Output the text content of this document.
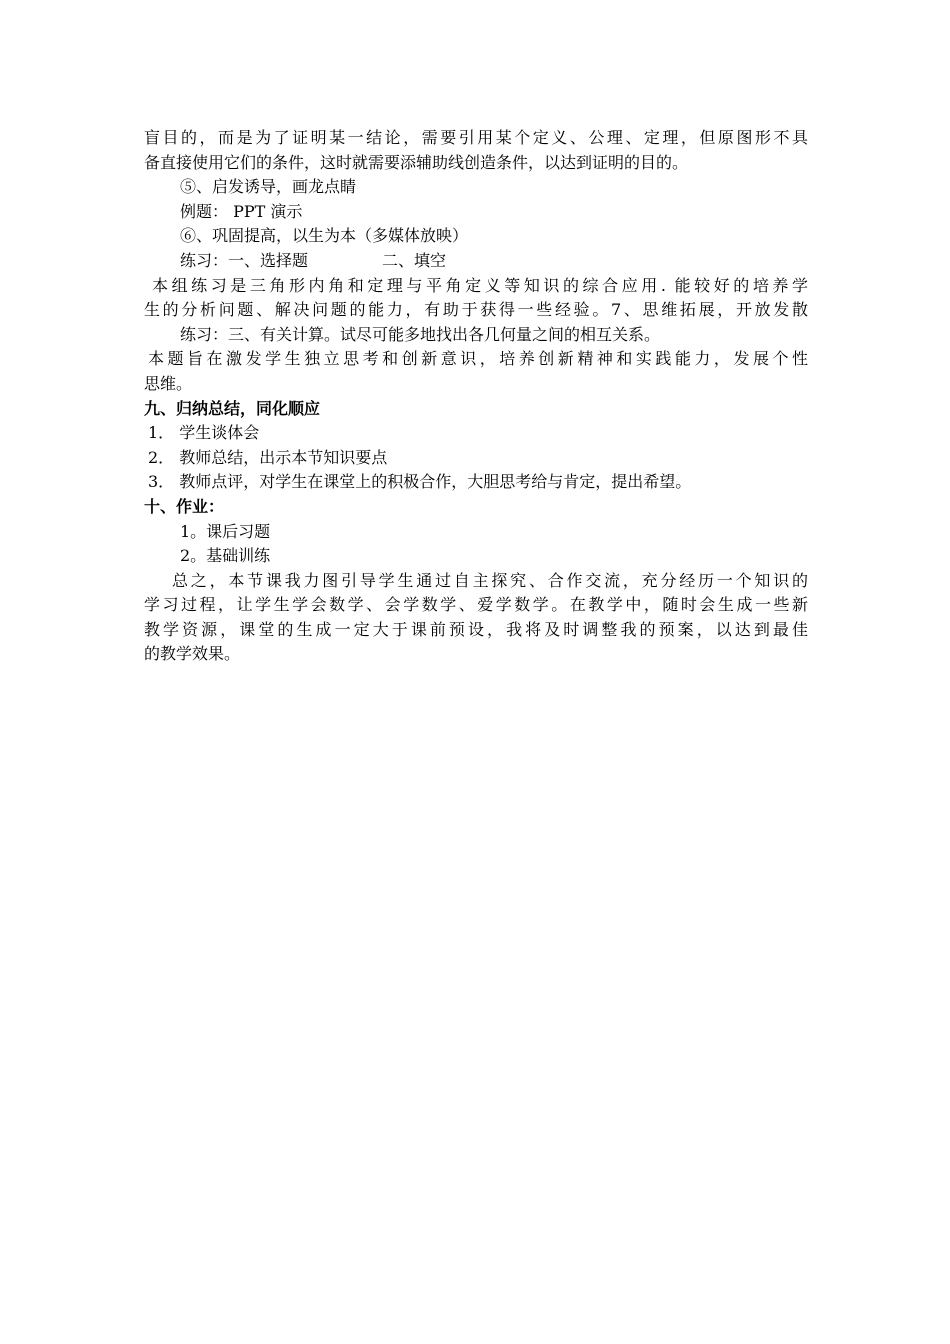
盲目的，而是为了证明某一结论，需要引用某个定义、公理、定理，但原图形不具
备直接使用它们的条件，这时就需要添辅助线创造条件，以达到证明的目的。
⑤、启发诱导，画龙点睛
例题： PPT 演示
⑥、巩固提高，以生为本（多媒体放映）
练习：一、选择题	二、填空
本组练习是三角形内角和定理与平角定义等知识的综合应用. 能较好的培养学
生的分析问题、解决问题的能力，有助于获得一些经验。7、思维拓展，开放发散
练习：三、有关计算。试尽可能多地找出各几何量之间的相互关系。
本题旨在激发学生独立思考和创新意识，培养创新精神和实践能力，发展个性
思维。
九、归纳总结，同化顺应
1． 学生谈体会
2． 教师总结，出示本节知识要点
3． 教师点评，对学生在课堂上的积极合作，大胆思考给与肯定，提出希望。
十、作业：
1。课后习题
2。基础训练
总之，本节课我力图引导学生通过自主探究、合作交流，充分经历一个知识的
学习过程，让学生学会数学、会学数学、爱学数学。在教学中，随时会生成一些新
教学资源，课堂的生成一定大于课前预设，我将及时调整我的预案，以达到最佳
的教学效果。
